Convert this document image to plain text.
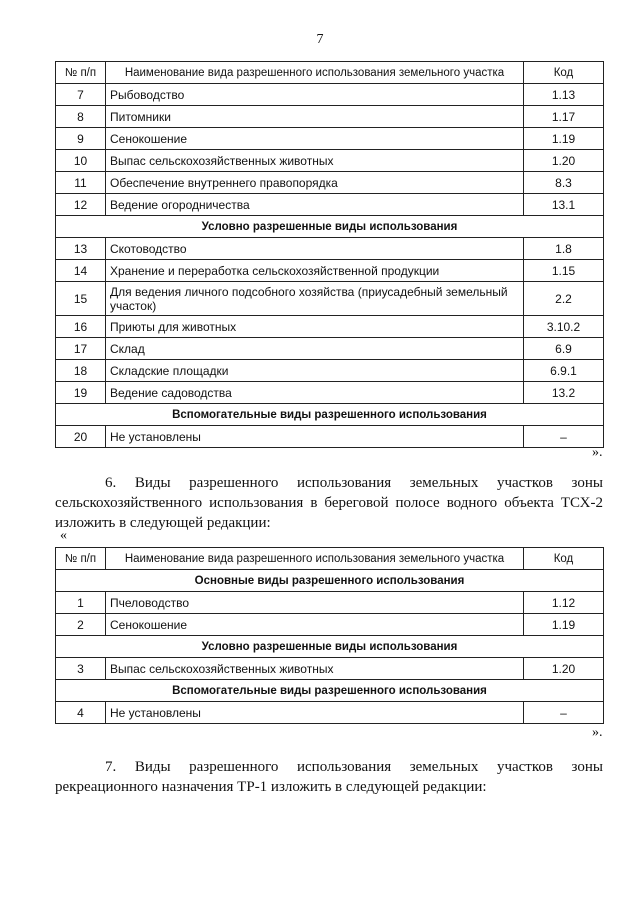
7
№ п/п	Наименование вида разрешенного использования земельного участка	Код
7	Рыбоводство	1.13
8	Питомники	1.17
9	Сенокошение	1.19
10	Выпас сельскохозяйственных животных	1.20
11	Обеспечение внутреннего правопорядка	8.3
12	Ведение огородничества	13.1
Условно разрешенные виды использования		
13	Скотоводство	1.8
14	Хранение и переработка сельскохозяйственной продукции	1.15
15	Для ведения личного подсобного хозяйства (приусадебный земельный участок)	2.2
16	Приюты для животных	3.10.2
17	Склад	6.9
18	Складские площадки	6.9.1
19	Ведение садоводства	13.2
Вспомогательные виды разрешенного использования		
20	Не установлены	–
».
6. Виды разрешенного использования земельных участков зоны
сельскохозяйственного использования в береговой полосе водного объекта ТСХ-2 изложить в следующей редакции:
«
№ п/п	Наименование вида разрешенного использования земельного участка	Код
Основные виды разрешенного использования		
1	Пчеловодство	1.12
2	Сенокошение	1.19
Условно разрешенные виды использования		
3	Выпас сельскохозяйственных животных	1.20
Вспомогательные виды разрешенного использования		
4	Не установлены	–
».
7. Виды разрешенного использования земельных участков зоны
рекреационного назначения ТР-1 изложить в следующей редакции:
